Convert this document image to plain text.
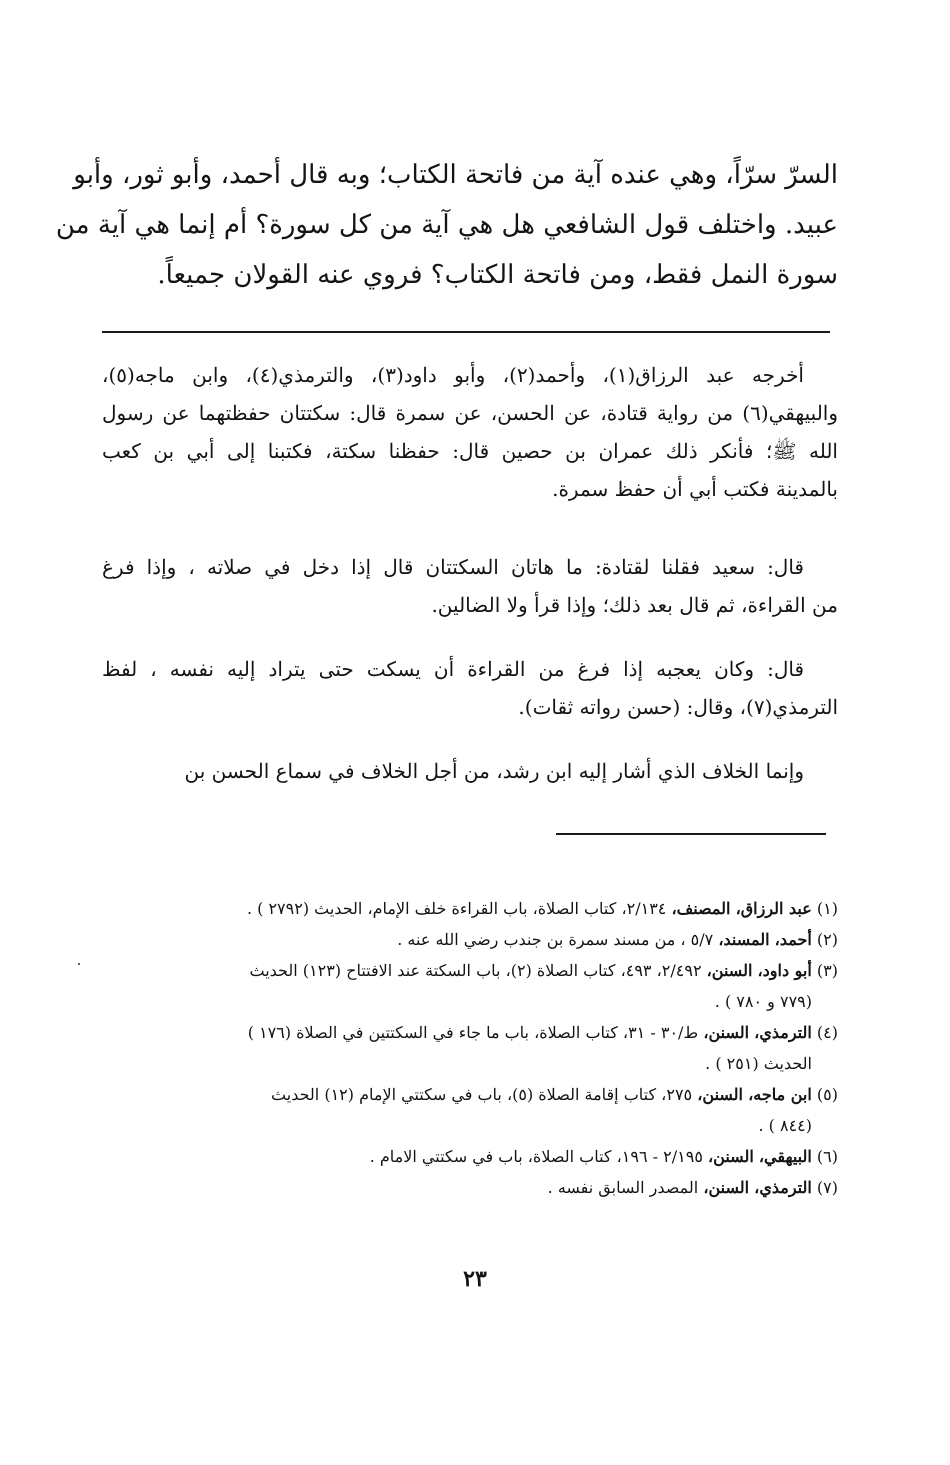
السرّ سرّاً، وهي عنده آية من فاتحة الكتاب؛ وبه قال أحمد، وأبو ثور، وأبو
عبيد. واختلف قول الشافعي هل هي آية من كل سورة؟ أم إنما هي آية من
سورة النمل فقط، ومن فاتحة الكتاب؟ فروي عنه القولان جميعاً.
أخرجه عبد الرزاق(١)، وأحمد(٢)، وأبو داود(٣)، والترمذي(٤)، وابن ماجه(٥)،
والبيهقي(٦) من رواية قتادة، عن الحسن، عن سمرة قال: سكتتان حفظتهما عن رسول
الله ﷺ؛ فأنكر ذلك عمران بن حصين قال: حفظنا سكتة، فكتبنا إلى أبي بن كعب
بالمدينة فكتب أبي أن حفظ سمرة.
قال: سعيد فقلنا لقتادة: ما هاتان السكتتان قال إذا دخل في صلاته ، وإذا فرغ
من القراءة، ثم قال بعد ذلك؛ وإذا قرأ ولا الضالين.
قال: وكان يعجبه إذا فرغ من القراءة أن يسكت حتى يتراد إليه نفسه ، لفظ
الترمذي(٧)، وقال: (حسن رواته ثقات).
وإنما الخلاف الذي أشار إليه ابن رشد، من أجل الخلاف في سماع الحسن بن
(١) عبد الرزاق، المصنف، ٢/١٣٤، كتاب الصلاة، باب القراءة خلف الإمام، الحديث (٢٧٩٢ ) .
(٢) أحمد، المسند، ٥/٧ ، من مسند سمرة بن جندب رضي الله عنه .
(٣) أبو داود، السنن، ٢/٤٩٢، ٤٩٣، كتاب الصلاة (٢)، باب السكتة عند الافتتاح (١٢٣) الحديث
(٧٧٩ و ٧٨٠ ) .
(٤) الترمذي، السنن، ط/٣٠ - ٣١، كتاب الصلاة، باب ما جاء في السكتتين في الصلاة (١٧٦ )
الحديث (٢٥١ ) .
(٥) ابن ماجه، السنن، ٢٧٥، كتاب إقامة الصلاة (٥)، باب في سكتتي الإمام (١٢) الحديث
(٨٤٤ ) .
(٦) البيهقي، السنن، ٢/١٩٥ - ١٩٦، كتاب الصلاة، باب في سكتتي الامام .
(٧) الترمذي، السنن، المصدر السابق نفسه .
٢٣
